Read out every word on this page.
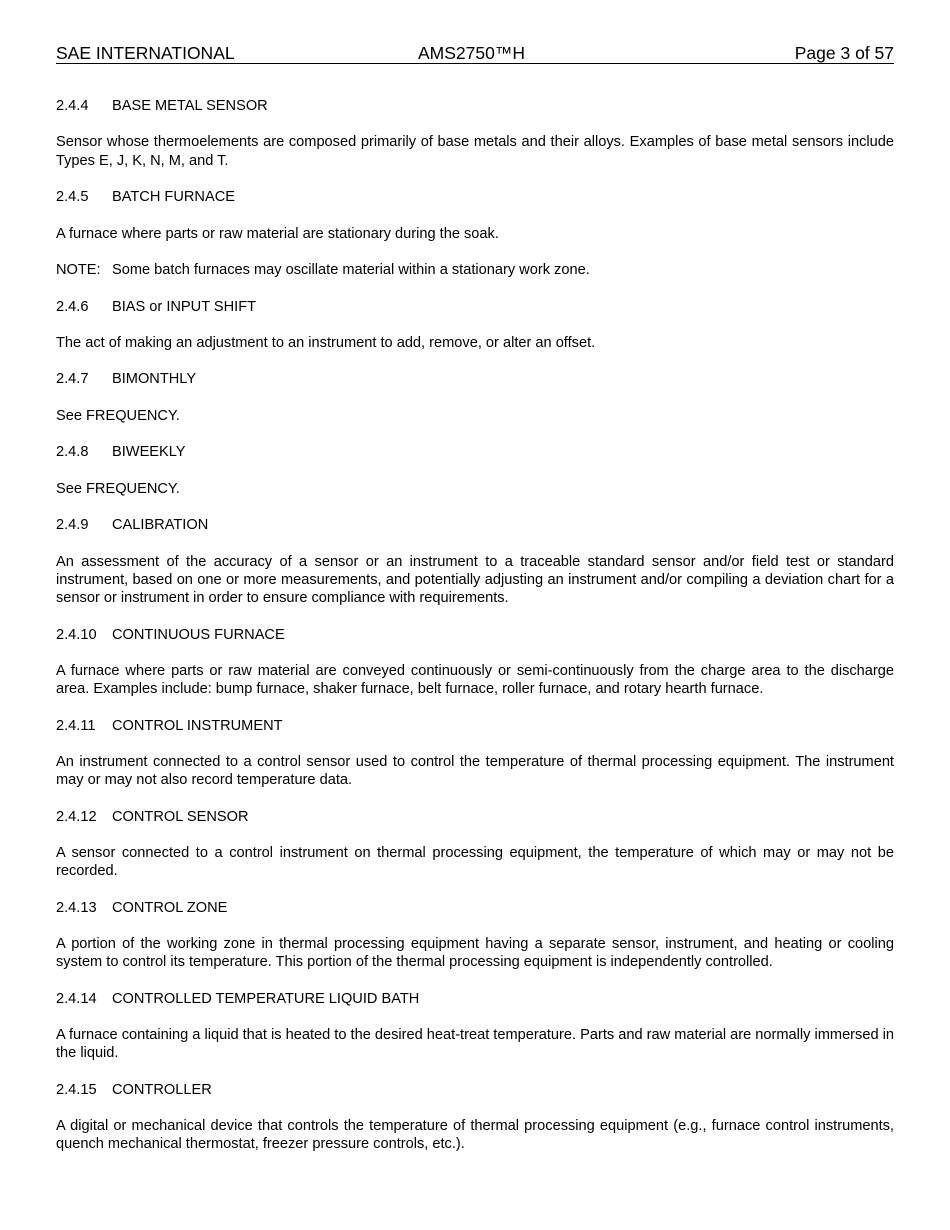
SAE INTERNATIONAL	AMS2750™H	Page 3 of 57

2.4.4 BASE METAL SENSOR

Sensor whose thermoelements are composed primarily of base metals and their alloys. Examples of base metal sensors include Types E, J, K, N, M, and T.

2.4.5 BATCH FURNACE

A furnace where parts or raw material are stationary during the soak.

NOTE: Some batch furnaces may oscillate material within a stationary work zone.

2.4.6 BIAS or INPUT SHIFT

The act of making an adjustment to an instrument to add, remove, or alter an offset.

2.4.7 BIMONTHLY

See FREQUENCY.

2.4.8 BIWEEKLY

See FREQUENCY.

2.4.9 CALIBRATION

An assessment of the accuracy of a sensor or an instrument to a traceable standard sensor and/or field test or standard instrument, based on one or more measurements, and potentially adjusting an instrument and/or compiling a deviation chart for a sensor or instrument in order to ensure compliance with requirements.

2.4.10 CONTINUOUS FURNACE

A furnace where parts or raw material are conveyed continuously or semi-continuously from the charge area to the discharge area. Examples include: bump furnace, shaker furnace, belt furnace, roller furnace, and rotary hearth furnace.

2.4.11 CONTROL INSTRUMENT

An instrument connected to a control sensor used to control the temperature of thermal processing equipment. The instrument may or may not also record temperature data.

2.4.12 CONTROL SENSOR

A sensor connected to a control instrument on thermal processing equipment, the temperature of which may or may not be recorded.

2.4.13 CONTROL ZONE

A portion of the working zone in thermal processing equipment having a separate sensor, instrument, and heating or cooling system to control its temperature. This portion of the thermal processing equipment is independently controlled.

2.4.14 CONTROLLED TEMPERATURE LIQUID BATH

A furnace containing a liquid that is heated to the desired heat-treat temperature. Parts and raw material are normally immersed in the liquid.

2.4.15 CONTROLLER

A digital or mechanical device that controls the temperature of thermal processing equipment (e.g., furnace control instruments, quench mechanical thermostat, freezer pressure controls, etc.).
